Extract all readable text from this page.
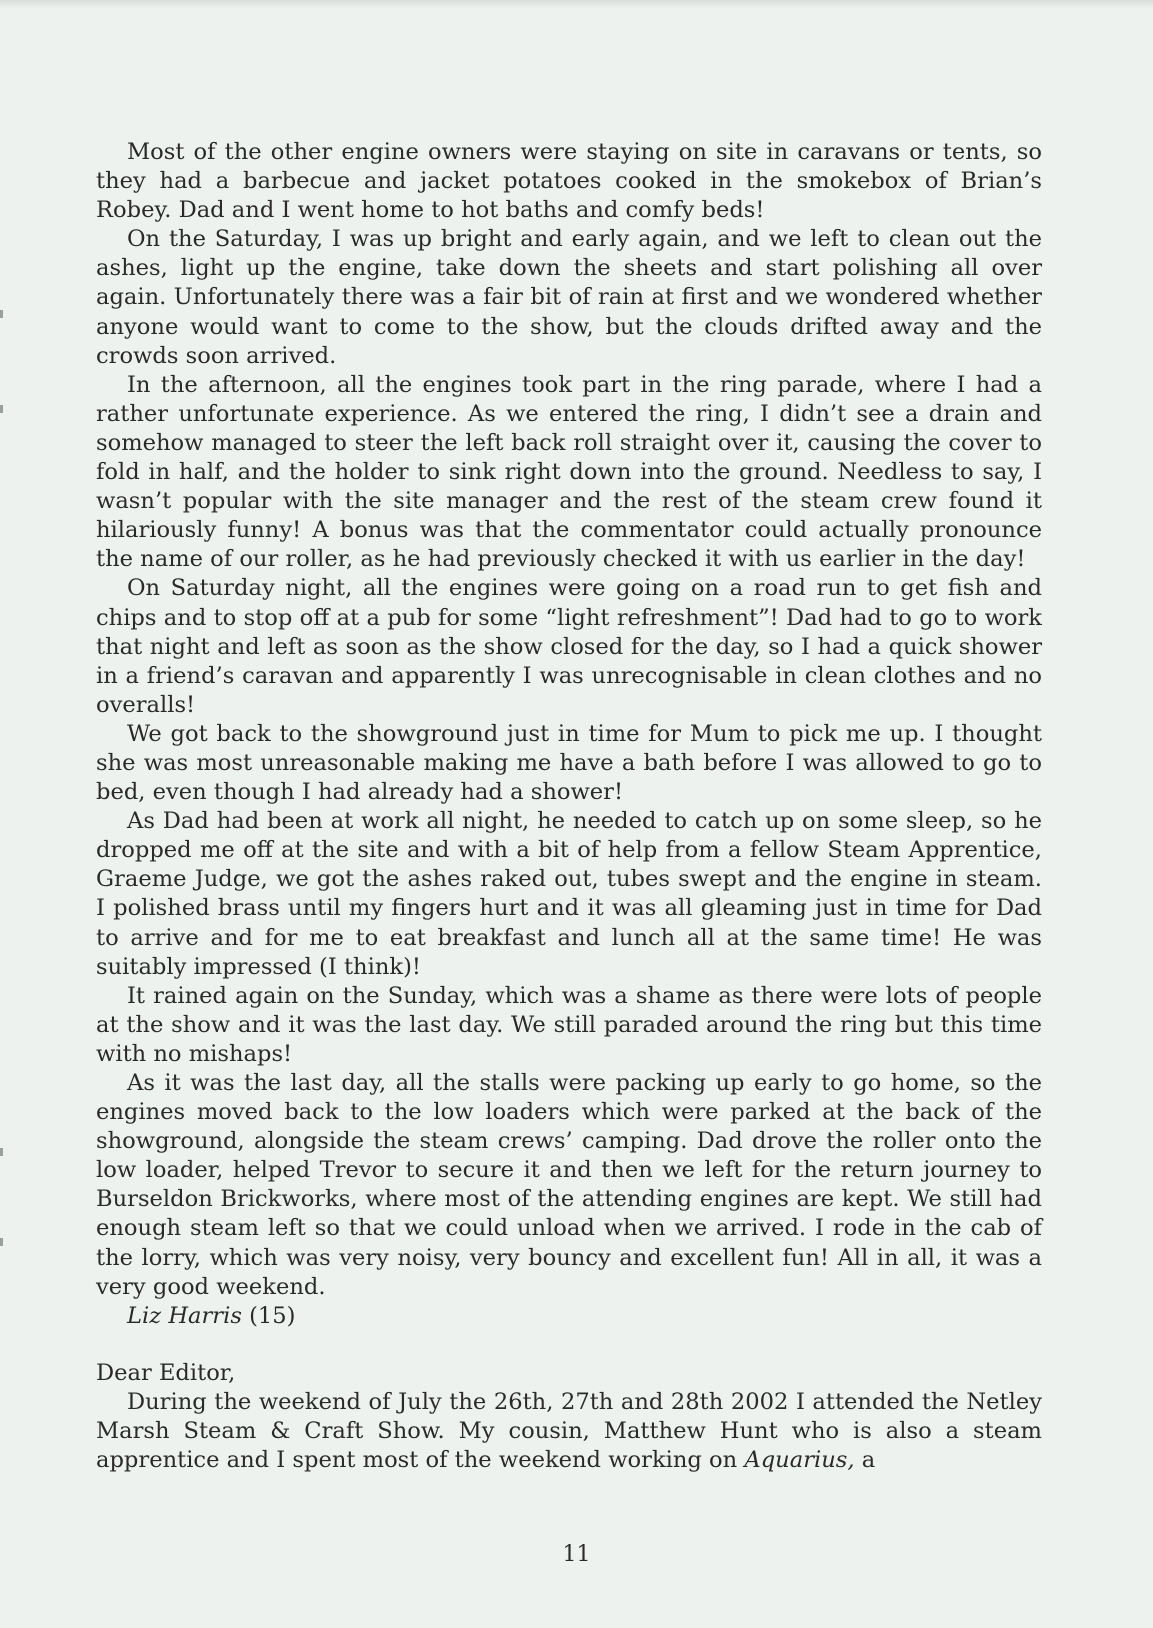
Most of the other engine owners were staying on site in caravans or tents, so they had a barbecue and jacket potatoes cooked in the smokebox of Brian’s Robey. Dad and I went home to hot baths and comfy beds!

On the Saturday, I was up bright and early again, and we left to clean out the ashes, light up the engine, take down the sheets and start polishing all over again. Unfortunately there was a fair bit of rain at first and we wondered whether anyone would want to come to the show, but the clouds drifted away and the crowds soon arrived.

In the afternoon, all the engines took part in the ring parade, where I had a rather unfortunate experience. As we entered the ring, I didn’t see a drain and somehow managed to steer the left back roll straight over it, causing the cover to fold in half, and the holder to sink right down into the ground. Needless to say, I wasn’t popular with the site manager and the rest of the steam crew found it hilariously funny! A bonus was that the commentator could actually pronounce the name of our roller, as he had previously checked it with us earlier in the day!

On Saturday night, all the engines were going on a road run to get fish and chips and to stop off at a pub for some “light refreshment”! Dad had to go to work that night and left as soon as the show closed for the day, so I had a quick shower in a friend’s caravan and apparently I was unrecognisable in clean clothes and no overalls!

We got back to the showground just in time for Mum to pick me up. I thought she was most unreasonable making me have a bath before I was allowed to go to bed, even though I had already had a shower!

As Dad had been at work all night, he needed to catch up on some sleep, so he dropped me off at the site and with a bit of help from a fellow Steam Apprentice, Graeme Judge, we got the ashes raked out, tubes swept and the engine in steam. I polished brass until my fingers hurt and it was all gleaming just in time for Dad to arrive and for me to eat breakfast and lunch all at the same time! He was suitably impressed (I think)!

It rained again on the Sunday, which was a shame as there were lots of people at the show and it was the last day. We still paraded around the ring but this time with no mishaps!

As it was the last day, all the stalls were packing up early to go home, so the engines moved back to the low loaders which were parked at the back of the showground, alongside the steam crews’ camping. Dad drove the roller onto the low loader, helped Trevor to secure it and then we left for the return journey to Burseldon Brickworks, where most of the attending engines are kept. We still had enough steam left so that we could unload when we arrived. I rode in the cab of the lorry, which was very noisy, very bouncy and excellent fun! All in all, it was a very good weekend.

Liz Harris (15)
Dear Editor,

During the weekend of July the 26th, 27th and 28th 2002 I attended the Netley Marsh Steam & Craft Show. My cousin, Matthew Hunt who is also a steam apprentice and I spent most of the weekend working on Aquarius, a

11
